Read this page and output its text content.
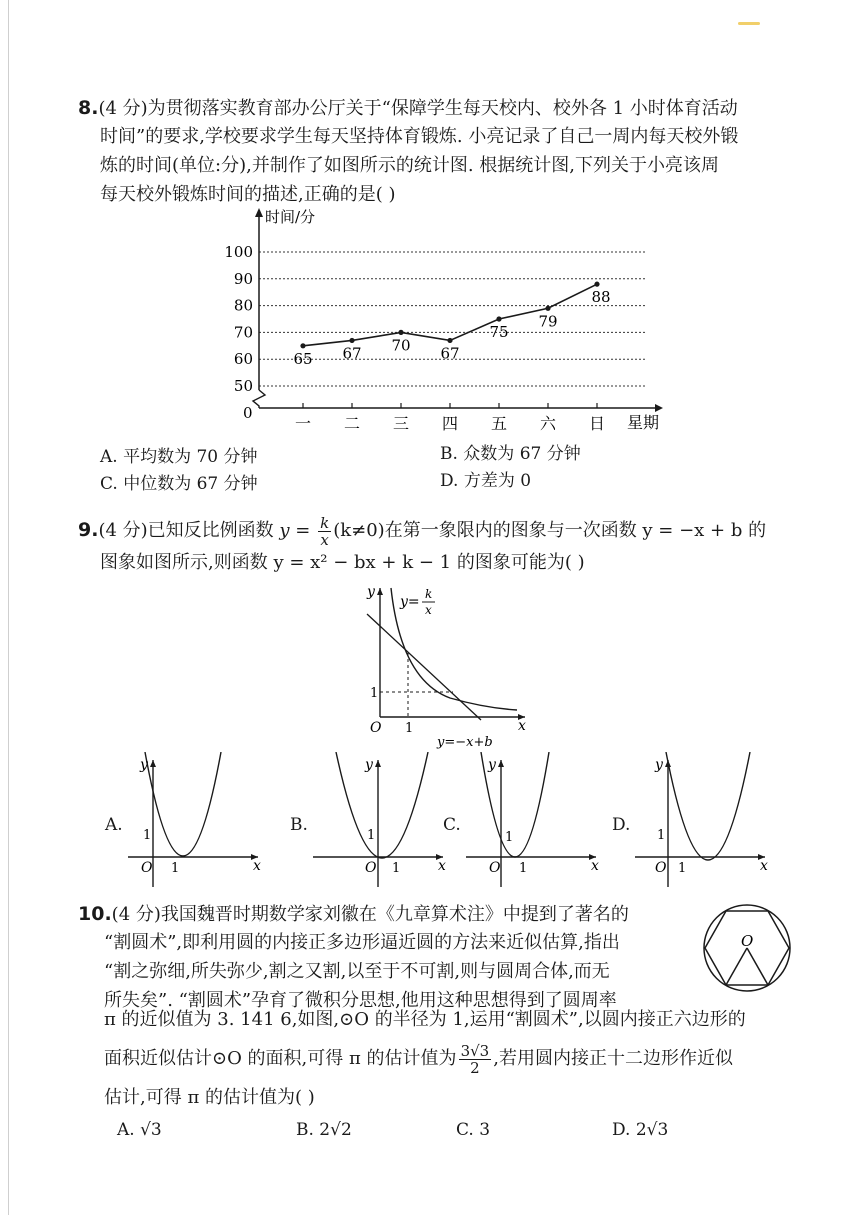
8.(4 分)为贯彻落实教育部办公厅关于“保障学生每天校内、校外各 1 小时体育活动
时间”的要求,学校要求学生每天坚持体育锻炼. 小亮记录了自己一周内每天校外锻
炼的时间(单位:分),并制作了如图所示的统计图. 根据统计图,下列关于小亮该周
每天校外锻炼时间的描述,正确的是( )
50
60
70
80
90
100
一 二 三 四 五 六 日
65 67 70 67
75
79
88
时间/分
星期
0
A. 平均数为 70 分钟	B. 众数为 67 分钟
C. 中位数为 67 分钟	D. 方差为 0
9.(4 分)已知反比例函数 $y = \frac{k}{x} (k\ne 0)$在第一象限内的图象与一次函数 y = −x + b 的
图象如图所示,则函数 y = x² − bx + k − 1 的图象可能为( )
y
y= k
x
1
1
O	x
y=−x+b
A.
y
1
O 1	x
B.
y
1
O 1	x
C.
y
1
O 1	x
D.
y
1
O 1	x
10.(4 分)我国魏晋时期数学家刘徽在《九章算术注》中提到了著名的
“割圆术”,即利用圆的内接正多边形逼近圆的方法来近似估算,指出
“割之弥细,所失弥少,割之又割,以至于不可割,则与圆周合体,而无
所失矣”. “割圆术”孕育了微积分思想,他用这种思想得到了圆周率
π 的近似值为 3. 141 6,如图,⊙O 的半径为 1,运用“割圆术”,以圆内接正六边形的
面积近似估计⊙O 的面积,可得 π 的估计值为 $\frac{3√3}{2}$ ,若用圆内接正十二边形作近似
估计,可得 π 的估计值为( )
O
A. √3	B. 2√2	C. 3	D. 2√3
